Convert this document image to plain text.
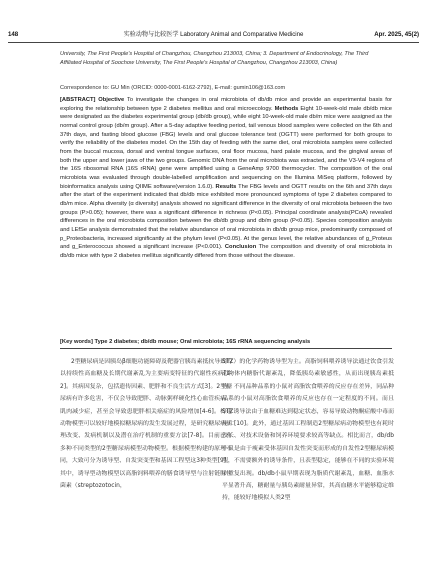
148	实验动物与比较医学 Laboratory Animal and Comparative Medicine	Apr. 2025, 45(2)
University, The First People's Hospital of Changzhou, Changzhou 213003, China; 3. Department of Endocrinology, The Third Affiliated Hospital of Soochow University, The First People's Hospital of Changzhou, Changzhou 213003, China)
Correspondence to: GU Min (ORCID: 0000-0001-6162-2792), E-mail: gumin106@163.com
[ABSTRACT] Objective To investigate the changes in oral microbiota of db/db mice and provide an experimental basis for exploring the relationship between type 2 diabetes mellitus and oral microecology. Methods Eight 10-week-old male db/db mice were designated as the diabetes experimental group (db/db group), while eight 10-week-old male db/m mice were assigned as the normal control group (db/m group). After a 5-day adaptive feeding period, tail venous blood samples were collected on the 6th and 37th days, and fasting blood glucose (FBG) levels and oral glucose tolerance test (OGTT) were performed for both groups to verify the reliability of the diabetes model. On the 15th day of feeding with the same diet, oral microbiota samples were collected from the buccal mucosa, dorsal and ventral tongue surfaces, oral floor mucosa, hard palate mucosa, and the gingival areas of both the upper and lower jaws of the two groups. Genomic DNA from the oral microbiota was extracted, and the V3-V4 regions of the 16S ribosomal RNA (16S rRNA) gene were amplified using a GeneAmp 9700 thermocycler. The composition of the oral microbiota was evaluated through double-labelled amplification and sequencing on the Illumina MiSeq platform, followed by bioinformatics analysis using QIIME software(version 1.6.0). Results The FBG levels and OGTT results on the 6th and 37th days after the start of the experiment indicated that db/db mice exhibited more pronounced symptoms of type 2 diabetes compared to db/m mice. Alpha diversity (α diversity) analysis showed no significant difference in the diversity of oral microbiota between the two groups (P>0.05); however, there was a significant difference in richness (P<0.05). Principal coordinate analysis(PCoA) revealed differences in the oral microbiota composition between the db/db group and db/m group (P<0.05). Species composition analysis and LEfSe analysis demonstrated that the relative abundance of oral microbiota in db/db group mice, predominantly composed of p_Proteobacteria, increased significantly at the phylum level (P<0.05). At the genus level, the relative abundances of g_Proteus and g_Enterococcus showed a significant increase (P<0.001). Conclusion The composition and diversity of oral microbiota in db/db mice with type 2 diabetes mellitus significantly differed from those without the disease.
[Key words] Type 2 diabetes; db/db mouse; Oral microbiota; 16S rRNA sequencing analysis

2型糖尿病是因胰岛β细胞功能障碍及靶器官胰岛素抵抗导致的以持续性高血糖及长期代谢紊乱为主要病变特征的代谢性疾病[1-2]。其病因复杂，包括遗传因素、肥胖和不良生活方式[3]。2型糖尿病有许多危害，不仅会导致肥胖、动脉粥样硬化性心血管疾病、肌肉减少症，甚至会导致患肥胖相关癌症的风险增加[4-6]。构建动物模型可以较好地模拟糖尿病的发生发展过程，是研究糖尿病病理改变、发病机制以及潜在治疗机制的重要方法[7-8]。目前已有多种不同类型的2型糖尿病模型动物模型。根据模型构建的原理不同，大致可分为诱导型、自发突变型和基因工程型这3种类型[9]。其中，诱导型动物模型以高脂饲料喂养的膳食诱导型与注射链脲佐菌素（streptozotocin，

STZ）的化学药物诱导型为主。高脂饲料喂养诱导法通过饮食引发动物体内糖脂代谢紊乱，降低胰岛素敏感性，从而出现胰岛素抵抗。不同品种品系的小鼠对高脂饮食喂养的反应存在差异，同品种品系的小鼠对高脂饮食喂养的反应也存在一定程度的不同。而且STZ诱导法由于血糖难达到稳定状态，容易导致动物酮症酸中毒而死亡[10]。此外，通过基因工程制造2型糖尿病动物模型也有耗时较长、对技术设备和饲养环境要求较高等缺点。相比而言，db/db小鼠是由于瘦素受体基因自发性突变而形成的自发性2型糖尿病模型，不需要额外的诱导条件，且表型稳定，能够在不同的实验环境中重复出现。db/db小鼠早期表现为脂质代谢紊乱，血糖、血脂水平显著升高，糖耐量与胰岛素耐量异常，其高血糖水平能够稳定维持，能较好地模拟人类2型
